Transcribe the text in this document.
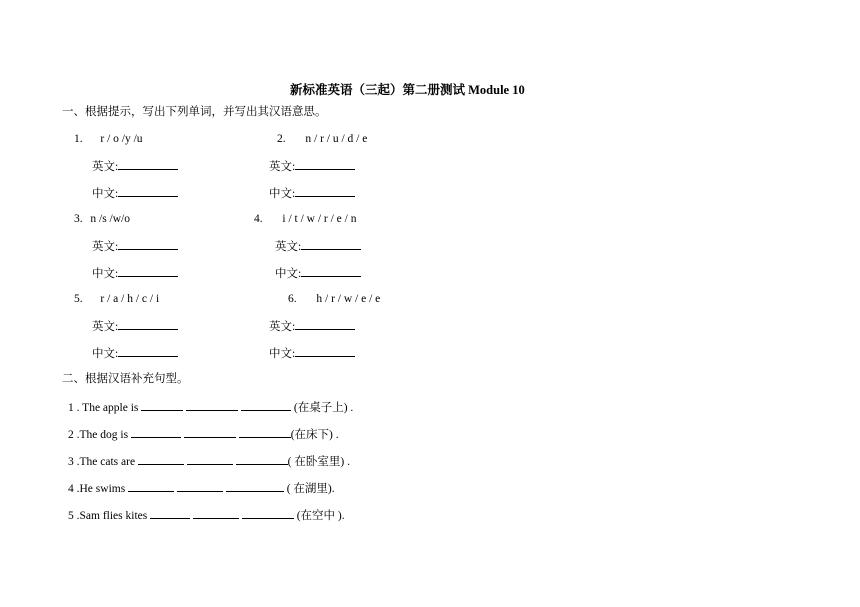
新标准英语（三起）第二册测试 Module 10
一、根据提示，写出下列单词，并写出其汉语意思。
1. r / o /y /u	2. n / r / u / d / e
英文:	英文:
中文:	中文:
3. n /s /w/o	4. i / t / w / r / e / n
英文:	英文:
中文:	中文:
5. r / a / h / c / i	6. h / r / w / e / e
英文:	英文:
中文:	中文:
二、根据汉语补充句型。
1 . The apple is	(在桌子上) .
2 .The dog is	(在床下) .
3 .The cats are	( 在卧室里) .
4 .He swims	( 在湖里).
5 .Sam flies kites	(在空中 ).
